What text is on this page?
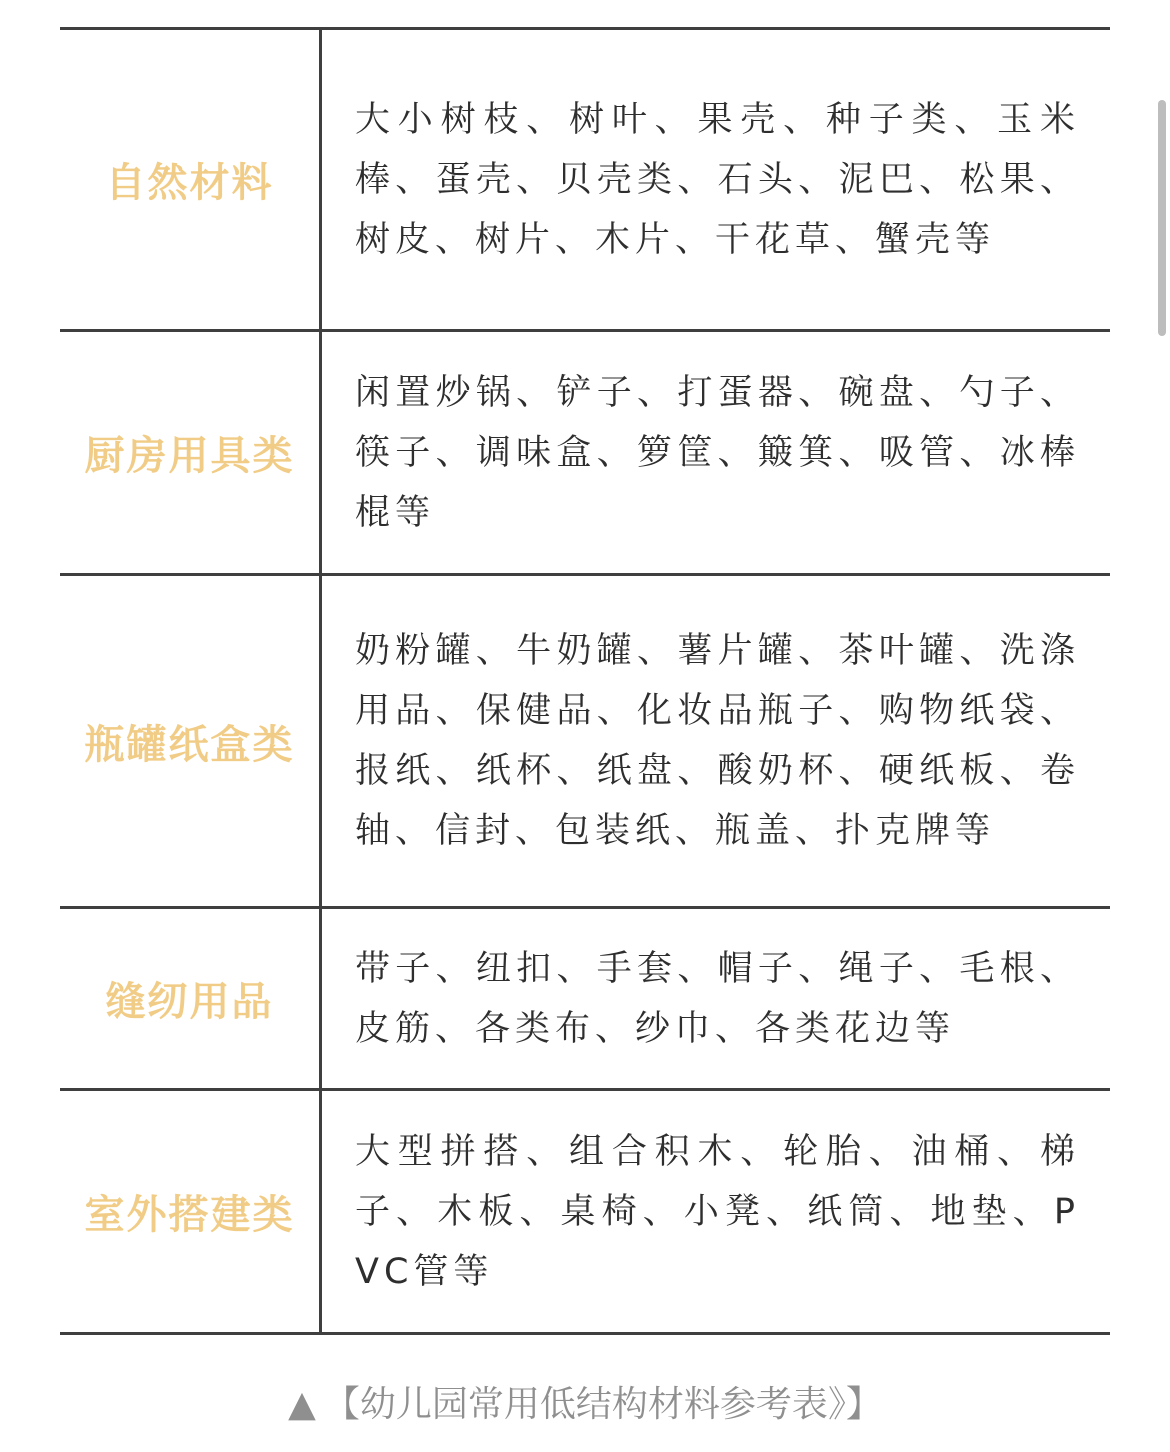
自然材料
大小树枝、树叶、果壳、种子类、玉米棒、蛋壳、贝壳类、石头、泥巴、松果、树皮、树片、木片、干花草、蟹壳等
厨房用具类
闲置炒锅、铲子、打蛋器、碗盘、勺子、筷子、调味盒、箩筐、簸箕、吸管、冰棒棍等
瓶罐纸盒类
奶粉罐、牛奶罐、薯片罐、茶叶罐、洗涤用品、保健品、化妆品瓶子、购物纸袋、报纸、纸杯、纸盘、酸奶杯、硬纸板、卷轴、信封、包装纸、瓶盖、扑克牌等
缝纫用品
带子、纽扣、手套、帽子、绳子、毛根、皮筋、各类布、纱巾、各类花边等
室外搭建类
大型拼搭、组合积木、轮胎、油桶、梯子、木板、桌椅、小凳、纸筒、地垫、PVC管等
▲ 【幼儿园常用低结构材料参考表》】
